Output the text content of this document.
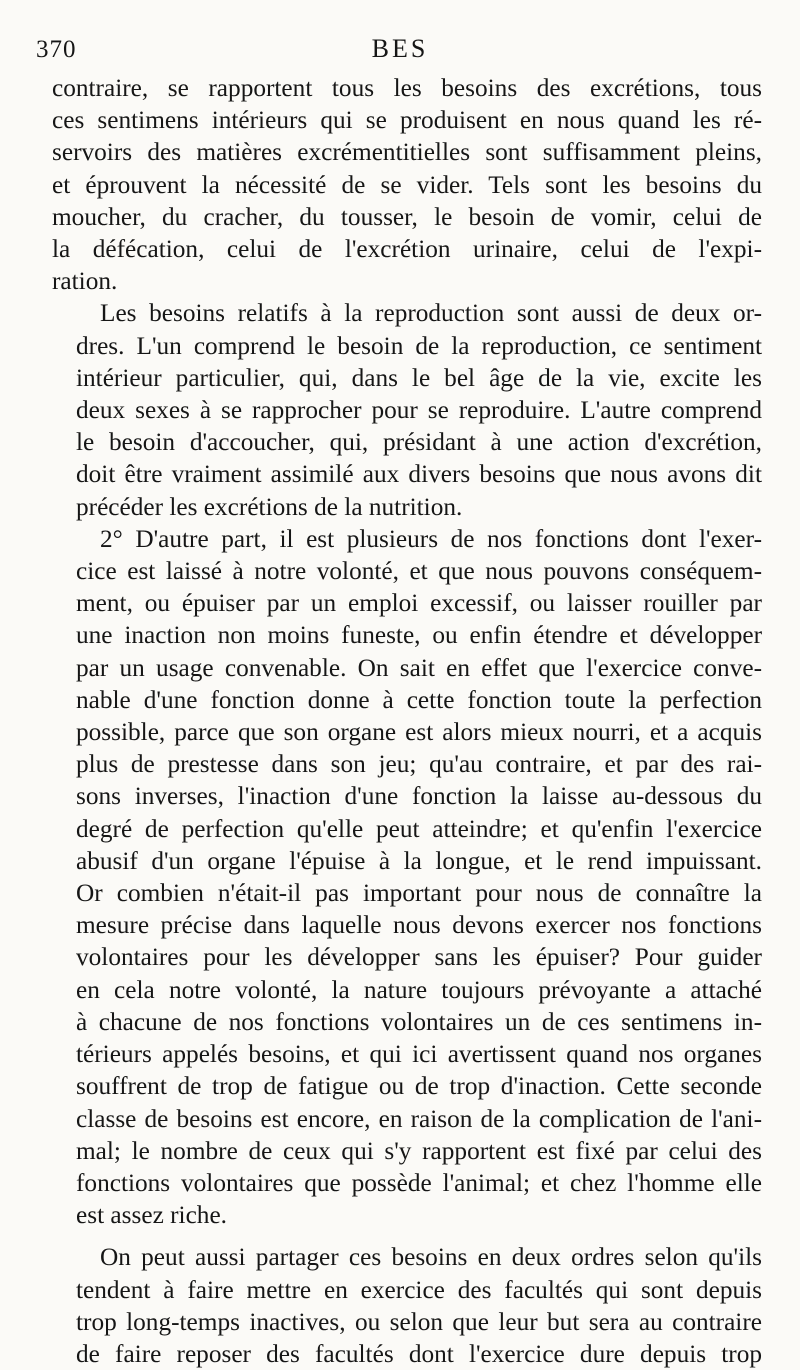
370	BES

contraire, se rapportent tous les besoins des excrétions, tous
ces sentimens intérieurs qui se produisent en nous quand les ré-
servoirs des matières excrémentitielles sont suffisamment pleins,
et éprouvent la nécessité de se vider. Tels sont les besoins du
moucher, du cracher, du tousser, le besoin de vomir, celui de
la défécation, celui de l'excrétion urinaire, celui de l'expi-
ration.

Les besoins relatifs à la reproduction sont aussi de deux or-
dres. L'un comprend le besoin de la reproduction, ce sentiment
intérieur particulier, qui, dans le bel âge de la vie, excite les
deux sexes à se rapprocher pour se reproduire. L'autre comprend
le besoin d'accoucher, qui, présidant à une action d'excrétion,
doit être vraiment assimilé aux divers besoins que nous avons dit
précéder les excrétions de la nutrition.

2° D'autre part, il est plusieurs de nos fonctions dont l'exer-
cice est laissé à notre volonté, et que nous pouvons conséquem-
ment, ou épuiser par un emploi excessif, ou laisser rouiller par
une inaction non moins funeste, ou enfin étendre et développer
par un usage convenable. On sait en effet que l'exercice conve-
nable d'une fonction donne à cette fonction toute la perfection
possible, parce que son organe est alors mieux nourri, et a acquis
plus de prestesse dans son jeu; qu'au contraire, et par des rai-
sons inverses, l'inaction d'une fonction la laisse au-dessous du
degré de perfection qu'elle peut atteindre; et qu'enfin l'exercice
abusif d'un organe l'épuise à la longue, et le rend impuissant.
Or combien n'était-il pas important pour nous de connaître la
mesure précise dans laquelle nous devons exercer nos fonctions
volontaires pour les développer sans les épuiser? Pour guider
en cela notre volonté, la nature toujours prévoyante a attaché
à chacune de nos fonctions volontaires un de ces sentimens in-
térieurs appelés besoins, et qui ici avertissent quand nos organes
souffrent de trop de fatigue ou de trop d'inaction. Cette seconde
classe de besoins est encore, en raison de la complication de l'ani-
mal; le nombre de ceux qui s'y rapportent est fixé par celui des
fonctions volontaires que possède l'animal; et chez l'homme elle
est assez riche.

On peut aussi partager ces besoins en deux ordres selon qu'ils
tendent à faire mettre en exercice des facultés qui sont depuis
trop long-temps inactives, ou selon que leur but sera au contraire
de faire reposer des facultés dont l'exercice dure depuis trop
